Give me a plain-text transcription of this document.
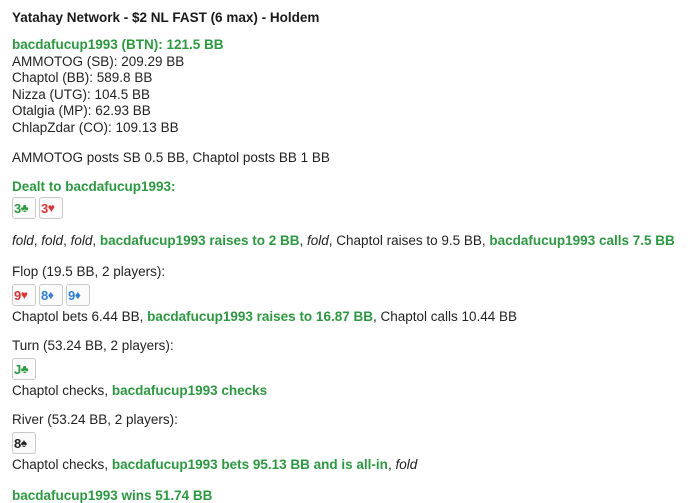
Yatahay Network - $2 NL FAST (6 max) - Holdem
bacdafucup1993 (BTN): 121.5 BB
AMMOTOG (SB): 209.29 BB
Chaptol (BB): 589.8 BB
Nizza (UTG): 104.5 BB
Otalgia (MP): 62.93 BB
ChlapZdar (CO): 109.13 BB
AMMOTOG posts SB 0.5 BB, Chaptol posts BB 1 BB
Dealt to bacdafucup1993:
3 ♣ 3 ♥
fold, fold, fold, bacdafucup1993 raises to 2 BB, fold, Chaptol raises to 9.5 BB, bacdafucup1993 calls 7.5 BB
Flop (19.5 BB, 2 players):
9 ♥ 8 ♦ 9 ♦
Chaptol bets 6.44 BB, bacdafucup1993 raises to 16.87 BB, Chaptol calls 10.44 BB
Turn (53.24 BB, 2 players):
J ♣
Chaptol checks, bacdafucup1993 checks
River (53.24 BB, 2 players):
8 ♠
Chaptol checks, bacdafucup1993 bets 95.13 BB and is all-in, fold
bacdafucup1993 wins 51.74 BB
